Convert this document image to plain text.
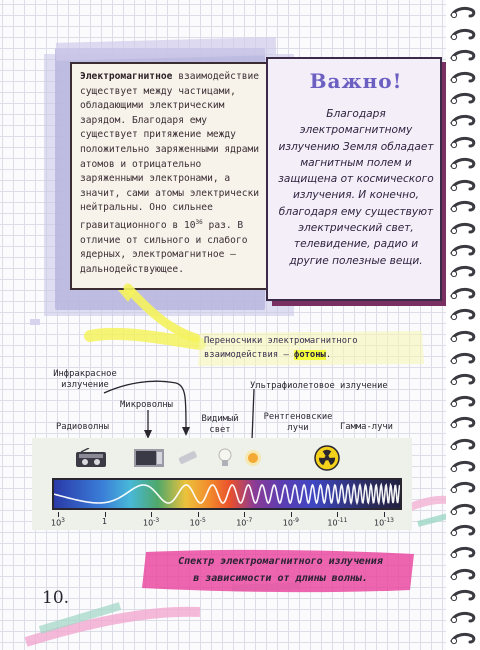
Электромагнитное взаимодействие существует между частицами, обладающими электрическим зарядом. Благодаря ему существует притяжение между положительно заряженными ядрами атомов и отрицательно заряженными электронами, а значит, сами атомы электрически нейтральны. Оно сильнее гравитационного в $10^{36}$ раз. В отличие от сильного и слабого ядерных, электромагнитное – дальнодействующее.
Важно!
Благодаря электромагнитному излучению Земля обладает магнитным полем и защищена от космического излучения. И конечно, благодаря ему существуют электрический свет, телевидение, радио и другие полезные вещи.
Переносчики электромагнитного взаимодействия – фотоны.
Инфракрасное излучение
Микроволны
Видимый свет
Ультрафиолетовое излучение
Радиоволны
Рентгеновские лучи	Гамма-лучи
$10^3$	1	$10^{-3}$	$10^{-5}$	$10^{-7}$	$10^{-9}$	$10^{-11}$	$10^{-13}$
Спектр электромагнитного излучения
в зависимости от длины волны.
10.
